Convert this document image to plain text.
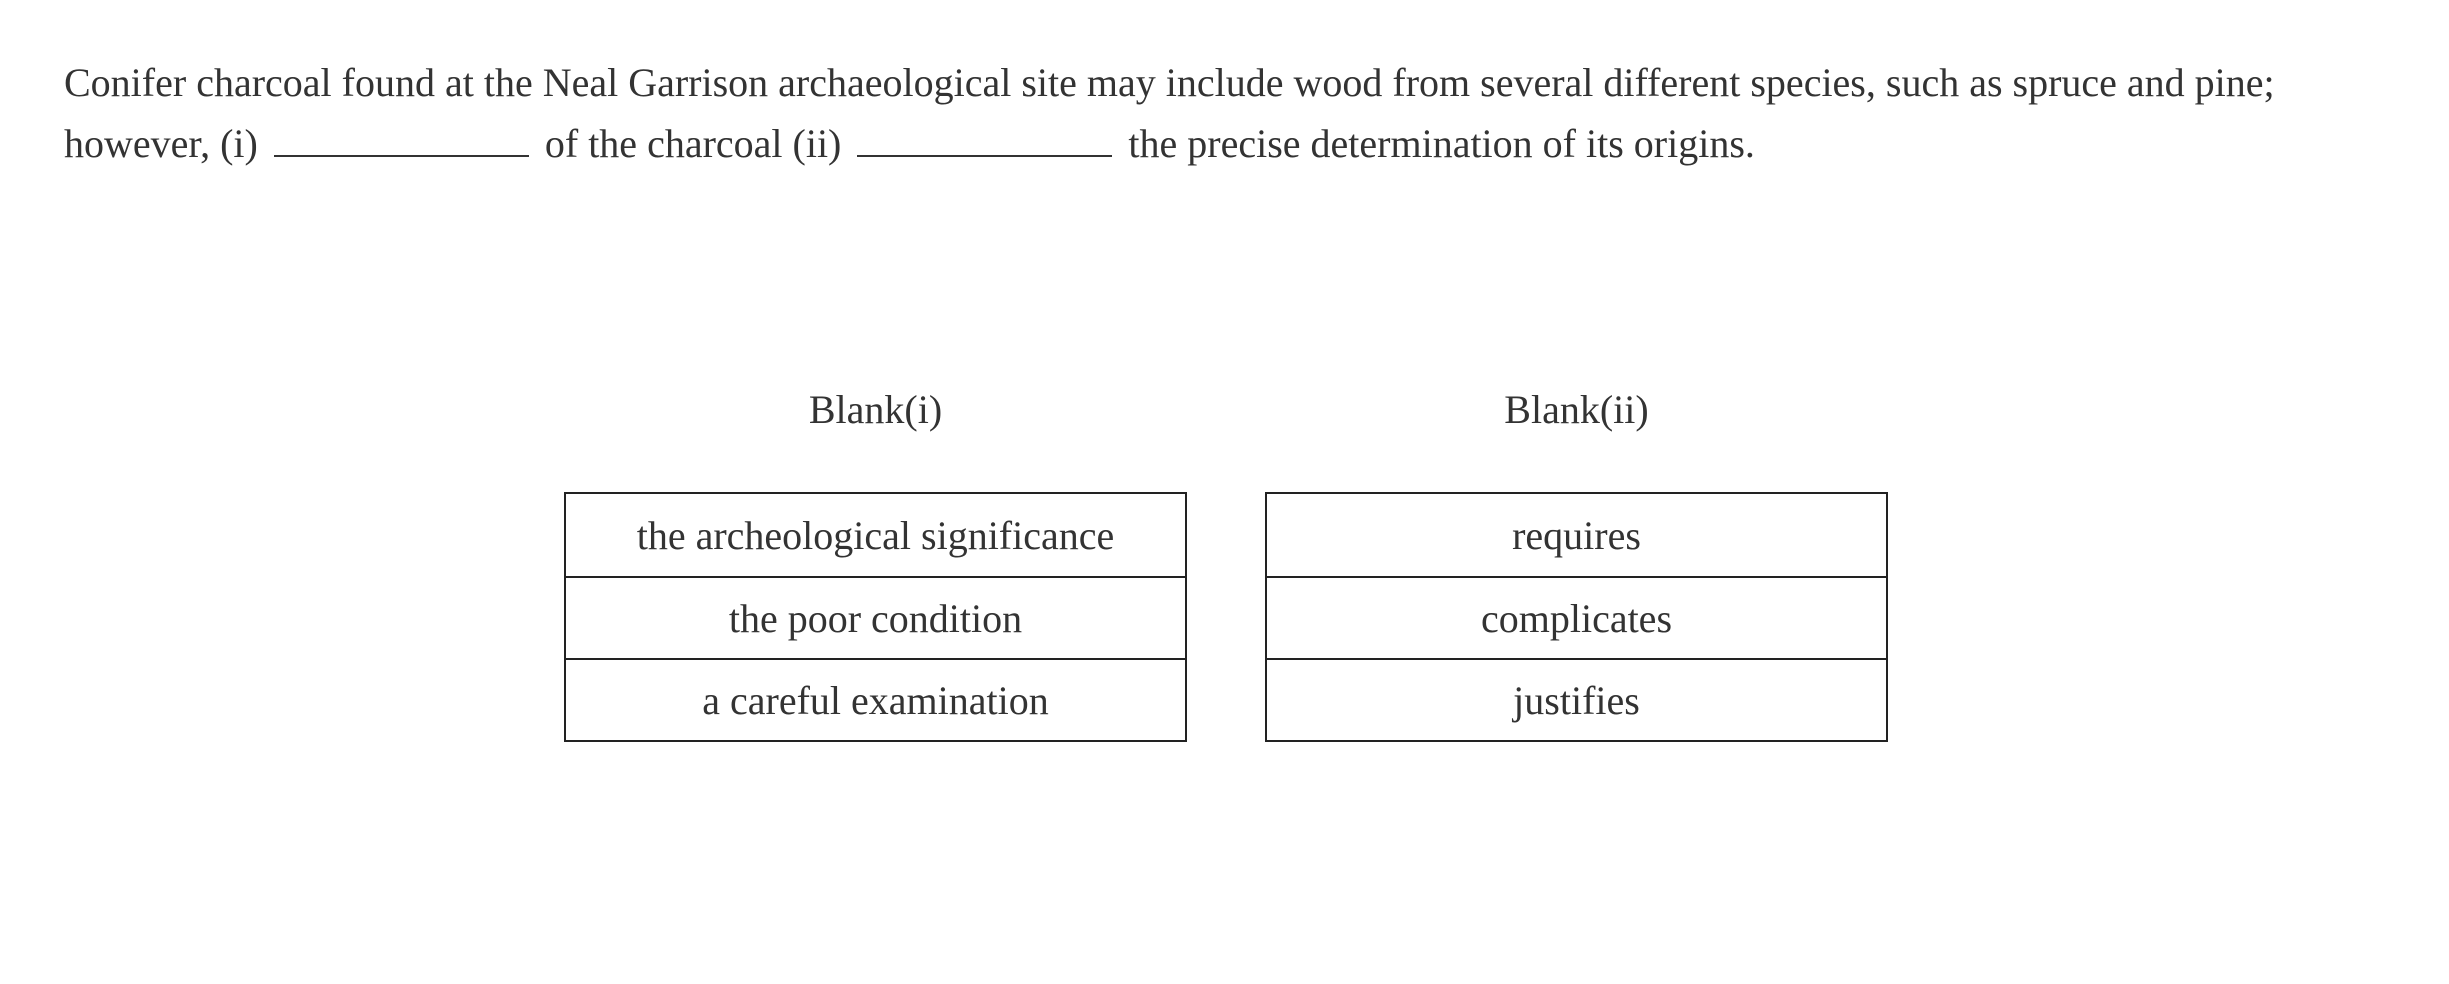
Conifer charcoal found at the Neal Garrison archaeological site may include wood from several different species, such as spruce and pine; however, (i)	of the charcoal (ii)	the precise determination of its origins.

Blank(i)
the archeological significance
the poor condition
a careful examination
Blank(ii)
requires
complicates
justifies
